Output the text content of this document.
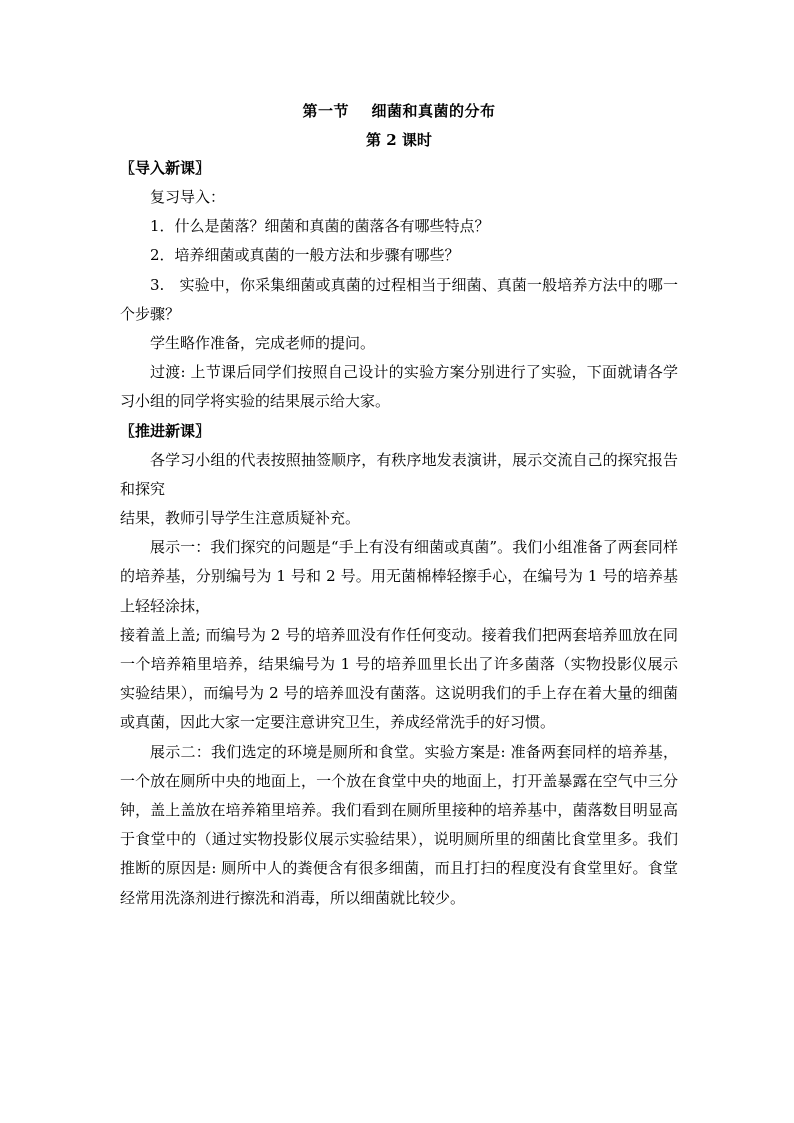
第一节 细菌和真菌的分布

第 2 课时

〖导入新课〗

复习导入：

1．什么是菌落？细菌和真菌的菌落各有哪些特点？

2．培养细菌或真菌的一般方法和步骤有哪些？

3.　实验中，你采集细菌或真菌的过程相当于细菌、真菌一般培养方法中的哪一个步骤？

学生略作准备，完成老师的提问。

过渡: 上节课后同学们按照自己设计的实验方案分别进行了实验，下面就请各学习小组的同学将实验的结果展示给大家。

〖推进新课〗

各学习小组的代表按照抽签顺序，有秩序地发表演讲，展示交流自己的探究报告和探究

结果，教师引导学生注意质疑补充。

展示一：我们探究的问题是“手上有没有细菌或真菌”。我们小组准备了两套同样的培养基，分别编号为 1 号和 2 号。用无菌棉棒轻擦手心，在编号为 1 号的培养基上轻轻涂抹，

接着盖上盖; 而编号为 2 号的培养皿没有作任何变动。接着我们把两套培养皿放在同一个培养箱里培养，结果编号为 1 号的培养皿里长出了许多菌落（实物投影仪展示实验结果），而编号为 2 号的培养皿没有菌落。这说明我们的手上存在着大量的细菌或真菌，因此大家一定要注意讲究卫生，养成经常洗手的好习惯。

展示二：我们选定的环境是厕所和食堂。实验方案是: 准备两套同样的培养基，一个放在厕所中央的地面上，一个放在食堂中央的地面上，打开盖暴露在空气中三分钟，盖上盖放在培养箱里培养。我们看到在厕所里接种的培养基中，菌落数目明显高于食堂中的（通过实物投影仪展示实验结果），说明厕所里的细菌比食堂里多。我们推断的原因是: 厕所中人的粪便含有很多细菌，而且打扫的程度没有食堂里好。食堂经常用洗涤剂进行擦洗和消毒，所以细菌就比较少。
